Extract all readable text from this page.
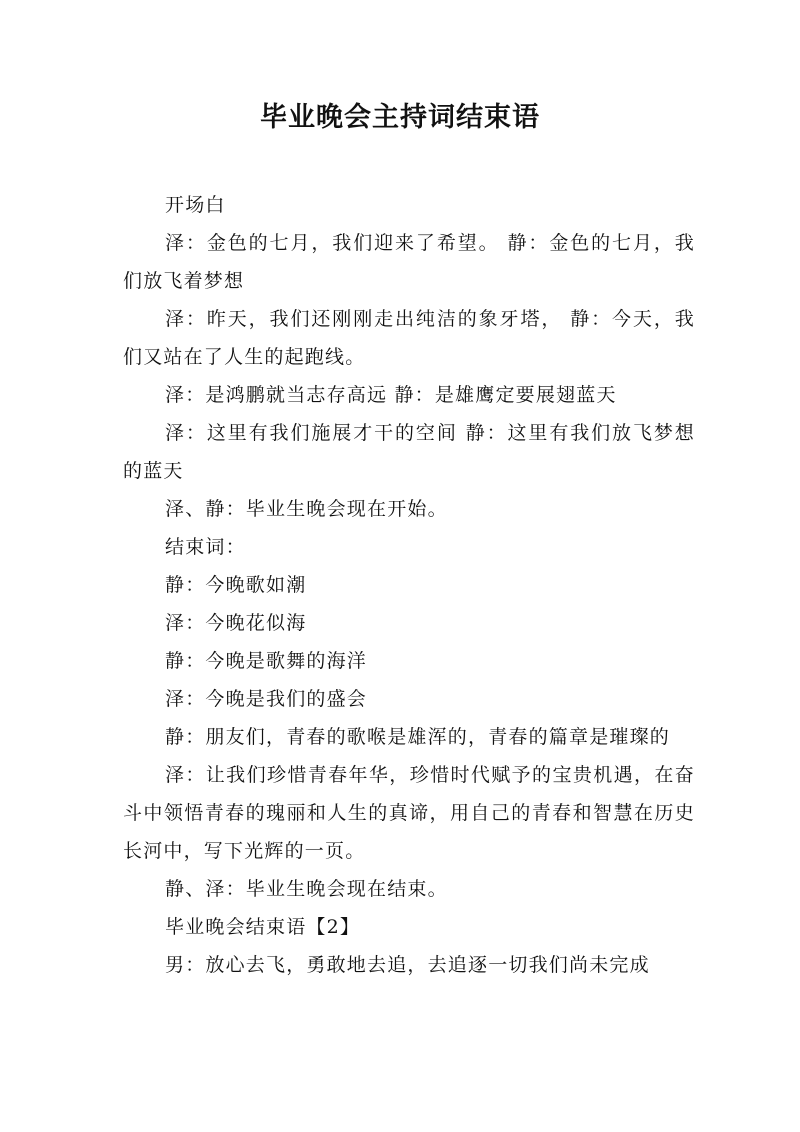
毕业晚会主持词结束语

开场白

泽：金色的七月，我们迎来了希望。 静：金色的七月，我们放飞着梦想

泽：昨天，我们还刚刚走出纯洁的象牙塔， 静：今天，我们又站在了人生的起跑线。

泽：是鸿鹏就当志存高远 静：是雄鹰定要展翅蓝天

泽：这里有我们施展才干的空间 静：这里有我们放飞梦想的蓝天

泽、静：毕业生晚会现在开始。

结束词：

静：今晚歌如潮

泽：今晚花似海

静：今晚是歌舞的海洋

泽：今晚是我们的盛会

静：朋友们，青春的歌喉是雄浑的，青春的篇章是璀璨的

泽：让我们珍惜青春年华，珍惜时代赋予的宝贵机遇，在奋斗中领悟青春的瑰丽和人生的真谛，用自己的青春和智慧在历史长河中，写下光辉的一页。

静、泽：毕业生晚会现在结束。

毕业晚会结束语【2】

男：放心去飞，勇敢地去追，去追逐一切我们尚未完成
